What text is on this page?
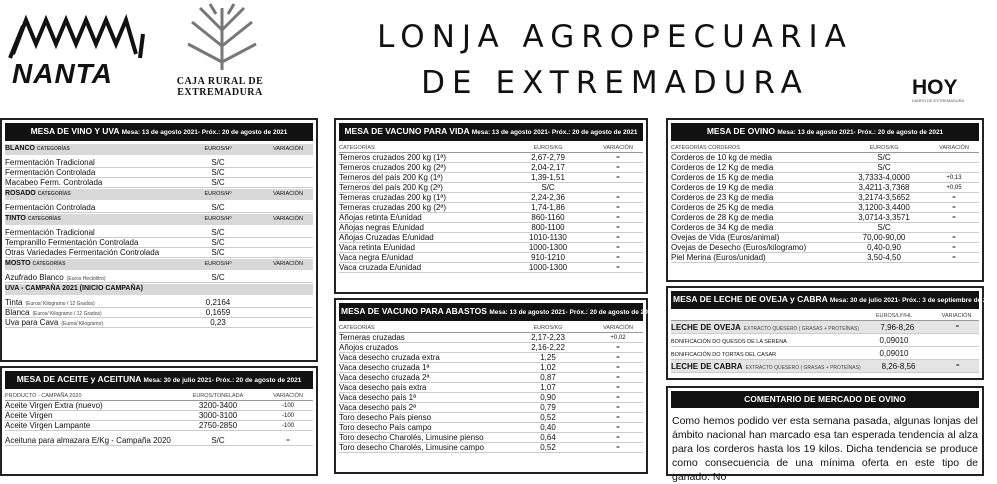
NANTA	CAJA RURAL DE
EXTREMADURA
LONJA AGROPECUARIA DE EXTREMADURA	HOY
DIARIO DE EXTREMADURA
MESA DE VINO Y UVA Mesa: 13 de agosto 2021- Próx.: 20 de agosto de 2021
BLANCO CATEGORÍAS	EUROS/Hº	VARIACIÓN
Fermentación Tradicional	S/C
Fermentación Controlada	S/C
Macabeo Ferm. Controlada	S/C
ROSADO CATEGORÍAS	EUROS/Hº	VARIACIÓN
Fermentación Controlada	S/C
TINTO CATEGORÍAS	EUROS/Hº	VARIACIÓN
Fermentación Tradicional	S/C
Tempranillo Fermentación Controlada	S/C
Otras Variedades Fermentación Controlada	S/C
MOSTO CATEGORÍAS	EUROS/Hº	VARIACIÓN
Azufrado Blanco (Euros Hectólitro)	S/C
UVA - CAMPAÑA 2021 (INICIO CAMPAÑA)
Tinta (Euros/ Kilogramo / 12 Grados)	0,2164
Blanca (Euros/ Kilogramo / 12 Grados)	0,1659
Uva para Cava (Euros/ Kilogramo)	0,23
MESA DE ACEITE y ACEITUNA Mesa: 30 de julio 2021- Próx.: 20 de agosto de 2021
PRODUCTO - CAMPAÑA 2020	EUROS/TONELADA	VARIACIÓN
Aceite Virgen Extra (nuevo)	3200-3400	-100
Aceite Virgen	3000-3100	-100
Aceite Virgen Lampante	2750-2850	-100
Aceituna para almazara E/Kg - Campaña 2020	S/C	=
MESA DE VACUNO PARA VIDA Mesa: 13 de agosto 2021- Próx.: 20 de agosto de 2021
CATEGORÍAS	EUROS/KG	VARIACIÓN
Terneros cruzados 200 kg (1ª)	2,67-2,79	=
Terneros cruzados 200 kg (2ª)	2,04-2,17	=
Terneros del país 200 Kg (1ª)	1,39-1,51	=
Terneros del país 200 Kg (2ª)	S/C
Terneras cruzadas 200 kg (1ª)	2,24-2,36	=
Terneras cruzadas 200 kg (2ª)	1,74-1,86	=
Añojas retinta E/unidad	860-1160	=
Añojas negras E/unidad	800-1100	=
Añojas Cruzadas E/unidad	1010-1130	=
Vaca retinta E/unidad	1000-1300	=
Vaca negra E/unidad	910-1210	=
Vaca cruzada E/unidad	1000-1300	=
MESA DE VACUNO PARA ABASTOS Mesa: 13 de agosto 2021- Próx.: 20 de agosto de 2021
CATEGORÍAS	EUROS/KG	VARIACIÓN
Terneras cruzadas	2,17-2,23	+0,02
Añojos cruzados	2,16-2,22	=
Vaca desecho cruzada extra	1,25	=
Vaca desecho cruzada 1ª	1,02	=
Vaca desecho cruzada 2ª	0,87	=
Vaca desecho país extra	1,07	=
Vaca desecho país 1ª	0,90	=
Vaca desecho país 2ª	0,79	=
Toro desecho País pienso	0,52	=
Toro desecho País campo	0,40	=
Toro desecho Charolés, Limusine pienso	0,64	=
Toro desecho Charolés, Limusine campo	0,52	=
MESA DE OVINO Mesa: 13 de agosto 2021- Próx.: 20 de agosto de 2021
CATEGORÍAS CORDEROS	EUROS/KG	VARIACIÓN
Corderos de 10 kg de media	S/C
Corderos de 12 Kg de media	S/C
Corderos de 15 Kg de media	3,7333-4,0000	+0,13
Corderos de 19 Kg de media	3,4211-3,7368	+0,05
Corderos de 23 Kg de media	3,2174-3,5652	=
Corderos de 25 Kg de media	3,1200-3,4400	=
Corderos de 28 Kg de media	3,0714-3,3571	=
Corderos de 34 Kg de media	S/C
Ovejas de Vida (Euros/animal)	70,00-90,00	=
Ovejas de Desecho (Euros/kilogramo)	0,40-0,90	=
Piel Merina (Euros/unidad)	3,50-4,50	=
MESA DE LECHE DE OVEJA y CABRA Mesa: 30 de julio 2021- Próx.: 3 de septiembre de 2021
EUROS/Ltº/HL	VARIACIÓN
LECHE DE OVEJA EXTRACTO QUESERO ( GRASAS + PROTEÍNAS)	7,96-8,26	=
BONIFICACIÓN DO QUESOS DE LA SERENA	0,09010
BONIFICACIÓN DO TORTAS DEL CASAR	0,09010
LECHE DE CABRA EXTRACTO QUESERO ( GRASAS + PROTEÍNAS)	8,26-8,56	=
COMENTARIO DE MERCADO DE OVINO
Como hemos podido ver esta semana pasada, algunas lonjas del ámbito nacional han marcado esa tan esperada tendencia al alza para los corderos hasta los 19 kilos. Dicha tendencia se produce como consecuencia de una mínima oferta en este tipo de ganado. No
